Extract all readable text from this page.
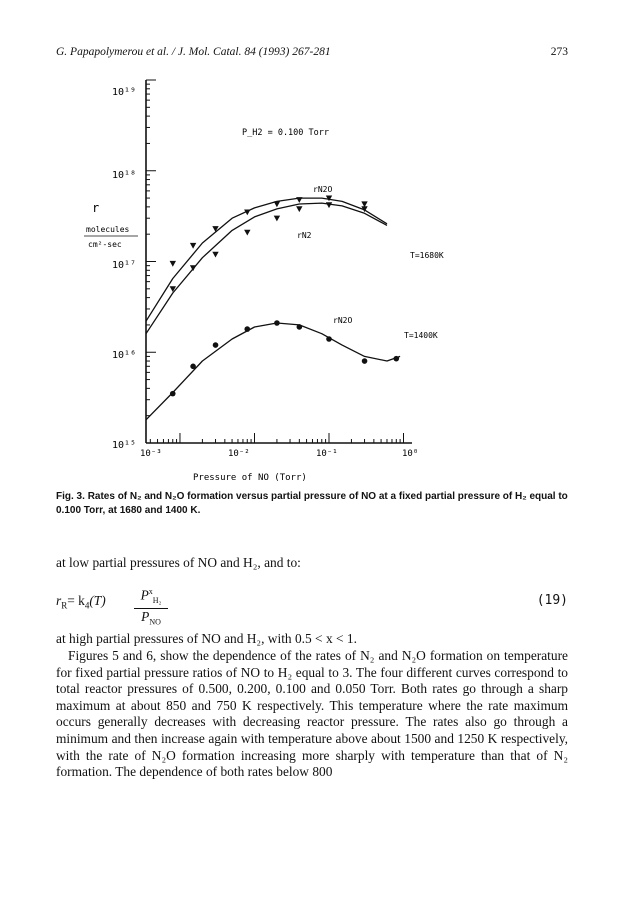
G. Papapolymerou et al. / J. Mol. Catal. 84 (1993) 267-281	273
10¹⁵
10¹⁶
10¹⁷
10¹⁸
10¹⁹
10⁻³	10⁻²	10⁻¹	10⁰
r
molecules
cm²-sec
P_H2 = 0.100 Torr
rN2O
rN2
T=1680K
rN2O
T=1400K
Pressure of NO (Torr)
Fig. 3. Rates of N₂ and N₂O formation versus partial pressure of NO at a fixed partial pressure of H₂ equal to 0.100 Torr, at 1680 and 1400 K.
at low partial pressures of NO and H₂, and to:
$r_R= k_4(T)$	$P^x_{H_2}$
$P_{NO}$
(19)
at high partial pressures of NO and H₂, with 0.5 < x < 1.
Figures 5 and 6, show the dependence of the rates of N₂ and N₂O formation on temperature for fixed partial pressure ratios of NO to H₂ equal to 3. The four different curves correspond to total reactor pressures of 0.500, 0.200, 0.100 and 0.050 Torr. Both rates go through a sharp maximum at about 850 and 750 K respectively. This temperature where the rate maximum occurs generally decreases with decreasing reactor pressure. The rates also go through a minimum and then increase again with temperature above about 1500 and 1250 K respectively, with the rate of N₂O formation increasing more sharply with temperature than that of N₂ formation. The dependence of both rates below 800
